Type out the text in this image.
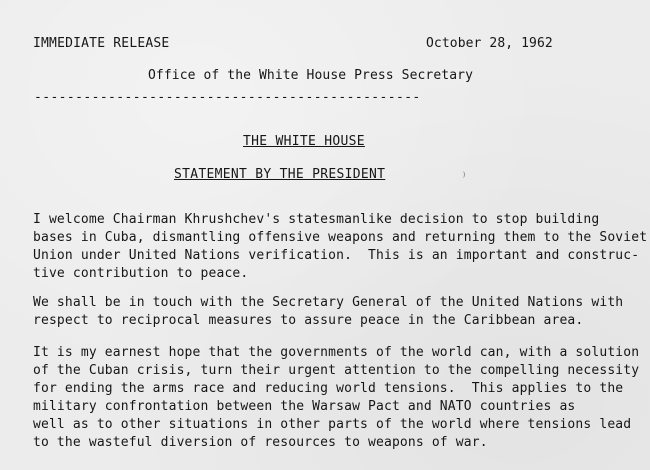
IMMEDIATE RELEASE	October 28, 1962
Office of the White House Press Secretary
-----------------------------------------------
THE WHITE HOUSE
STATEMENT BY THE PRESIDENT
I welcome Chairman Khrushchev's statesmanlike decision to stop building
bases in Cuba, dismantling offensive weapons and returning them to the Soviet
Union under United Nations verification.  This is an important and construc-
tive contribution to peace.
We shall be in touch with the Secretary General of the United Nations with
respect to reciprocal measures to assure peace in the Caribbean area.
It is my earnest hope that the governments of the world can, with a solution
of the Cuban crisis, turn their urgent attention to the compelling necessity
for ending the arms race and reducing world tensions.  This applies to the
military confrontation between the Warsaw Pact and NATO countries as
well as to other situations in other parts of the world where tensions lead
to the wasteful diversion of resources to weapons of war.
